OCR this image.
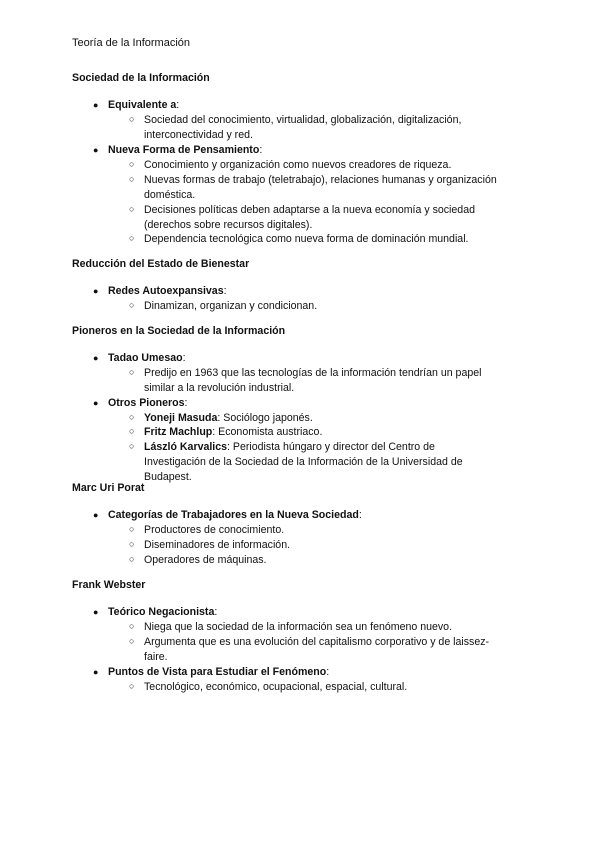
Teoría de la Información
Sociedad de la Información
● Equivalente a:
○ Sociedad del conocimiento, virtualidad, globalización, digitalización, interconectividad y red.
● Nueva Forma de Pensamiento:
○ Conocimiento y organización como nuevos creadores de riqueza.
○ Nuevas formas de trabajo (teletrabajo), relaciones humanas y organización doméstica.
○ Decisiones políticas deben adaptarse a la nueva economía y sociedad (derechos sobre recursos digitales).
○ Dependencia tecnológica como nueva forma de dominación mundial.
Reducción del Estado de Bienestar
● Redes Autoexpansivas:
○ Dinamizan, organizan y condicionan.
Pioneros en la Sociedad de la Información
● Tadao Umesao:
○ Predijo en 1963 que las tecnologías de la información tendrían un papel similar a la revolución industrial.
● Otros Pioneros:
○ Yoneji Masuda: Sociólogo japonés.
○ Fritz Machlup: Economista austriaco.
○ László Karvalics: Periodista húngaro y director del Centro de Investigación de la Sociedad de la Información de la Universidad de Budapest.
Marc Uri Porat
● Categorías de Trabajadores en la Nueva Sociedad:
○ Productores de conocimiento.
○ Diseminadores de información.
○ Operadores de máquinas.
Frank Webster
● Teórico Negacionista:
○ Niega que la sociedad de la información sea un fenómeno nuevo.
○ Argumenta que es una evolución del capitalismo corporativo y de laissez-faire.
● Puntos de Vista para Estudiar el Fenómeno:
○ Tecnológico, económico, ocupacional, espacial, cultural.
